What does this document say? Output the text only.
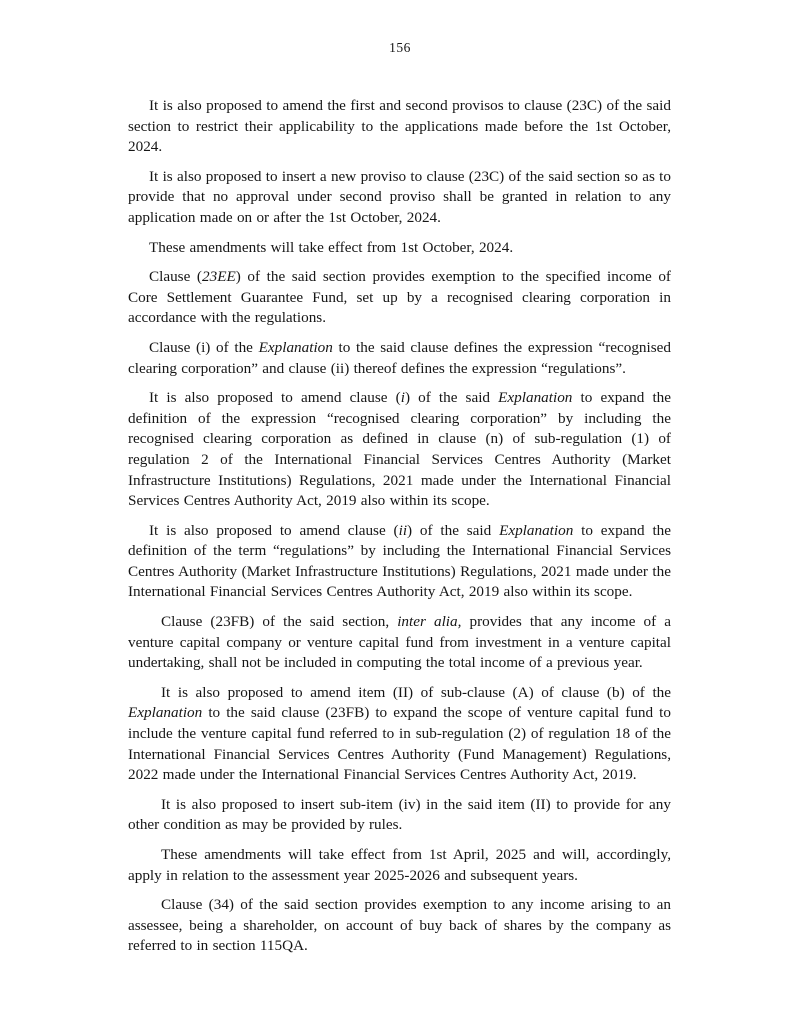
156

It is also proposed to amend the first and second provisos to clause (23C) of the said section to restrict their applicability to the applications made before the 1st October, 2024.

It is also proposed to insert a new proviso to clause (23C) of the said section so as to provide that no approval under second proviso shall be granted in relation to any application made on or after the 1st October, 2024.

These amendments will take effect from 1st October, 2024.

Clause (23EE) of the said section provides exemption to the specified income of Core Settlement Guarantee Fund, set up by a recognised clearing corporation in accordance with the regulations.

Clause (i) of the Explanation to the said clause defines the expression “recognised clearing corporation” and clause (ii) thereof defines the expression “regulations”.

It is also proposed to amend clause (i) of the said Explanation to expand the definition of the expression “recognised clearing corporation” by including the recognised clearing corporation as defined in clause (n) of sub-regulation (1) of regulation 2 of the International Financial Services Centres Authority (Market Infrastructure Institutions) Regulations, 2021 made under the International Financial Services Centres Authority Act, 2019 also within its scope.

It is also proposed to amend clause (ii) of the said Explanation to expand the definition of the term “regulations” by including the International Financial Services Centres Authority (Market Infrastructure Institutions) Regulations, 2021 made under the International Financial Services Centres Authority Act, 2019 also within its scope.

Clause (23FB) of the said section, inter alia, provides that any income of a venture capital company or venture capital fund from investment in a venture capital undertaking, shall not be included in computing the total income of a previous year.

It is also proposed to amend item (II) of sub-clause (A) of clause (b) of the Explanation to the said clause (23FB) to expand the scope of venture capital fund to include the venture capital fund referred to in sub-regulation (2) of regulation 18 of the International Financial Services Centres Authority (Fund Management) Regulations, 2022 made under the International Financial Services Centres Authority Act, 2019.

It is also proposed to insert sub-item (iv) in the said item (II) to provide for any other condition as may be provided by rules.

These amendments will take effect from 1st April, 2025 and will, accordingly, apply in relation to the assessment year 2025-2026 and subsequent years.

Clause (34) of the said section provides exemption to any income arising to an assessee, being a shareholder, on account of buy back of shares by the company as referred to in section 115QA.
